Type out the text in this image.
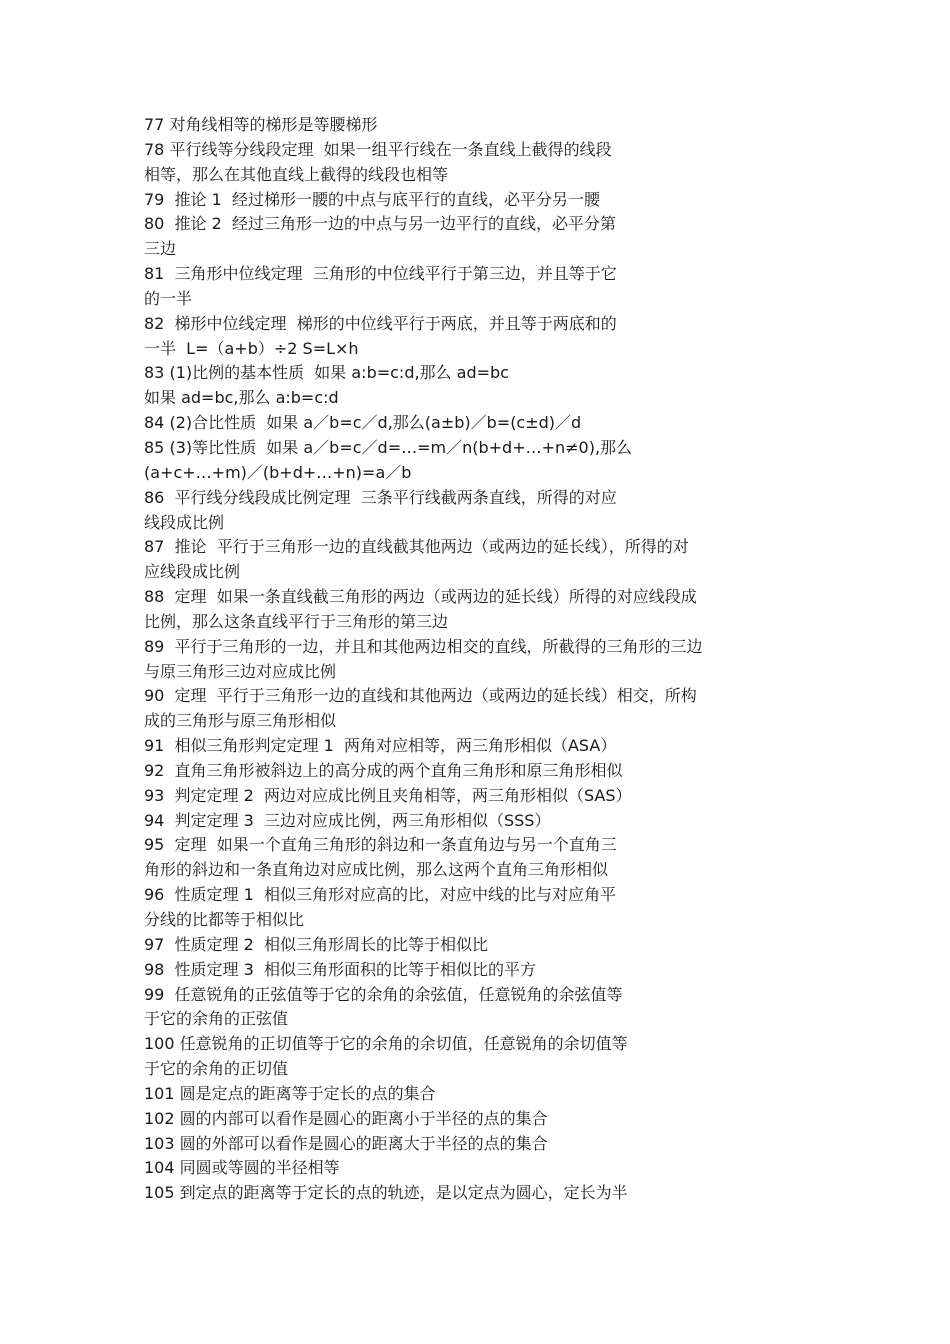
77 对角线相等的梯形是等腰梯形
78 平行线等分线段定理  如果一组平行线在一条直线上截得的线段
相等，那么在其他直线上截得的线段也相等
79  推论 1  经过梯形一腰的中点与底平行的直线，必平分另一腰
80  推论 2  经过三角形一边的中点与另一边平行的直线，必平分第
三边
81  三角形中位线定理  三角形的中位线平行于第三边，并且等于它
的一半
82  梯形中位线定理  梯形的中位线平行于两底，并且等于两底和的
一半  L=（a+b）÷2 S=L×h
83 (1)比例的基本性质  如果 a:b=c:d,那么 ad=bc
如果 ad=bc,那么 a:b=c:d
84 (2)合比性质  如果 a／b=c／d,那么(a±b)／b=(c±d)／d
85 (3)等比性质  如果 a／b=c／d=…=m／n(b+d+…+n≠0),那么
(a+c+…+m)／(b+d+…+n)=a／b
86  平行线分线段成比例定理  三条平行线截两条直线，所得的对应
线段成比例
87  推论  平行于三角形一边的直线截其他两边（或两边的延长线），所得的对
应线段成比例
88  定理  如果一条直线截三角形的两边（或两边的延长线）所得的对应线段成
比例，那么这条直线平行于三角形的第三边
89  平行于三角形的一边，并且和其他两边相交的直线，所截得的三角形的三边
与原三角形三边对应成比例
90  定理  平行于三角形一边的直线和其他两边（或两边的延长线）相交，所构
成的三角形与原三角形相似
91  相似三角形判定定理 1  两角对应相等，两三角形相似（ASA）
92  直角三角形被斜边上的高分成的两个直角三角形和原三角形相似
93  判定定理 2  两边对应成比例且夹角相等，两三角形相似（SAS）
94  判定定理 3  三边对应成比例，两三角形相似（SSS）
95  定理  如果一个直角三角形的斜边和一条直角边与另一个直角三
角形的斜边和一条直角边对应成比例，那么这两个直角三角形相似
96  性质定理 1  相似三角形对应高的比，对应中线的比与对应角平
分线的比都等于相似比
97  性质定理 2  相似三角形周长的比等于相似比
98  性质定理 3  相似三角形面积的比等于相似比的平方
99  任意锐角的正弦值等于它的余角的余弦值，任意锐角的余弦值等
于它的余角的正弦值
100 任意锐角的正切值等于它的余角的余切值，任意锐角的余切值等
于它的余角的正切值
101 圆是定点的距离等于定长的点的集合
102 圆的内部可以看作是圆心的距离小于半径的点的集合
103 圆的外部可以看作是圆心的距离大于半径的点的集合
104 同圆或等圆的半径相等
105 到定点的距离等于定长的点的轨迹，是以定点为圆心，定长为半
